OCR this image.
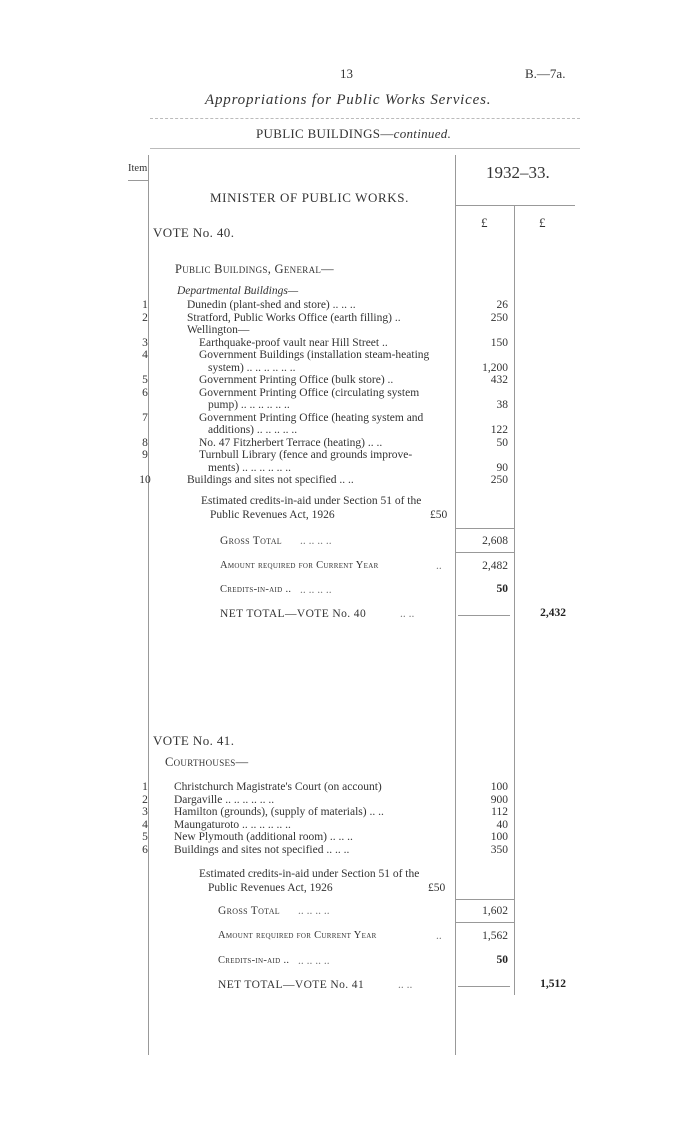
13	B.—7a.
Appropriations for Public Works Services.
PUBLIC BUILDINGS—continued.
Item	1932–33.
MINISTER OF PUBLIC WORKS.
£	£
VOTE No. 40.
Public Buildings, General—
Departmental Buildings—
1	Dunedin (plant-shed and store) .. .. ..	26
2	Stratford, Public Works Office (earth filling) ..	250
Wellington—
3	Earthquake-proof vault near Hill Street ..	150
4	Government Buildings (installation steam-heating
system) .. .. .. .. .. ..	1,200
5	Government Printing Office (bulk store) ..	432
6	Government Printing Office (circulating system
pump) .. .. .. .. .. ..	38
7	Government Printing Office (heating system and
additions) .. .. .. .. ..	122
8	No. 47 Fitzherbert Terrace (heating) .. ..	50
9	Turnbull Library (fence and grounds improve-
ments) .. .. .. .. .. ..	90
10	Buildings and sites not specified .. ..	250
Estimated credits-in-aid under Section 51 of the
Public Revenues Act, 1926	£50
Gross Total .. .. .. ..	2,608
Amount required for Current Year	..	2,482
Credits-in-aid .. .. .. .. ..	50
NET TOTAL—VOTE No. 40	.. ..	2,432
VOTE No. 41.
Courthouses—
1	Christchurch Magistrate's Court (on account)	100
2	Dargaville .. .. .. .. .. ..	900
3	Hamilton (grounds), (supply of materials) .. ..	112
4	Maungaturoto .. .. .. .. .. ..	40
5	New Plymouth (additional room) .. .. ..	100
6	Buildings and sites not specified .. .. ..	350
Estimated credits-in-aid under Section 51 of the
Public Revenues Act, 1926	£50
Gross Total .. .. .. ..	1,602
Amount required for Current Year	..	1,562
Credits-in-aid .. .. .. .. ..	50
NET TOTAL—VOTE No. 41	.. ..	1,512
